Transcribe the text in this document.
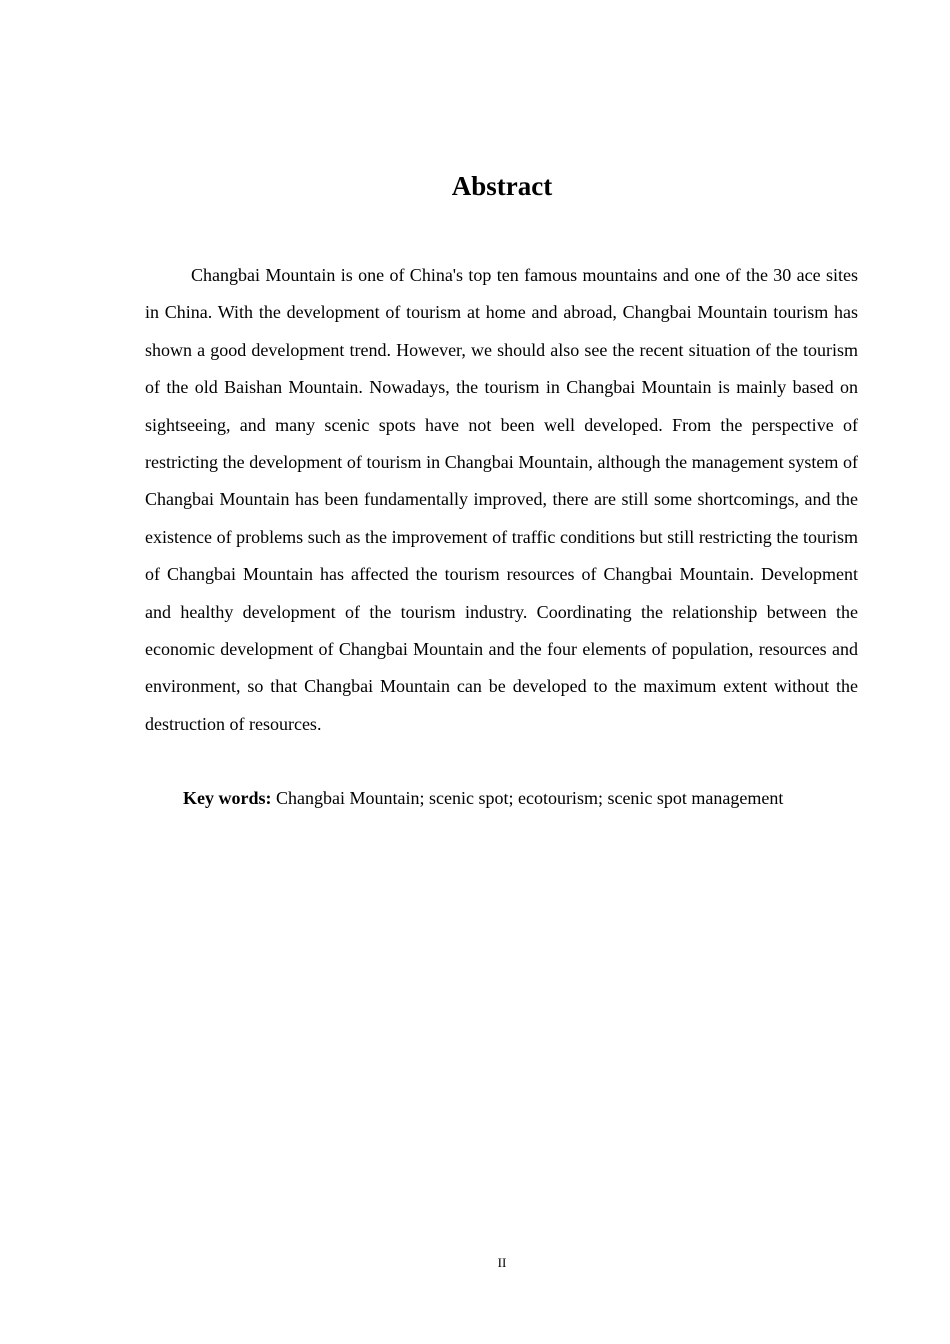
Abstract

Changbai Mountain is one of China's top ten famous mountains and one of the 30 ace sites in China. With the development of tourism at home and abroad, Changbai Mountain tourism has shown a good development trend. However, we should also see the recent situation of the tourism of the old Baishan Mountain. Nowadays, the tourism in Changbai Mountain is mainly based on sightseeing, and many scenic spots have not been well developed. From the perspective of restricting the development of tourism in Changbai Mountain, although the management system of Changbai Mountain has been fundamentally improved, there are still some shortcomings, and the existence of problems such as the improvement of traffic conditions but still restricting the tourism of Changbai Mountain has affected the tourism resources of Changbai Mountain. Development and healthy development of the tourism industry. Coordinating the relationship between the economic development of Changbai Mountain and the four elements of population, resources and environment, so that Changbai Mountain can be developed to the maximum extent without the destruction of resources.

Key words: Changbai Mountain; scenic spot; ecotourism; scenic spot management

II
